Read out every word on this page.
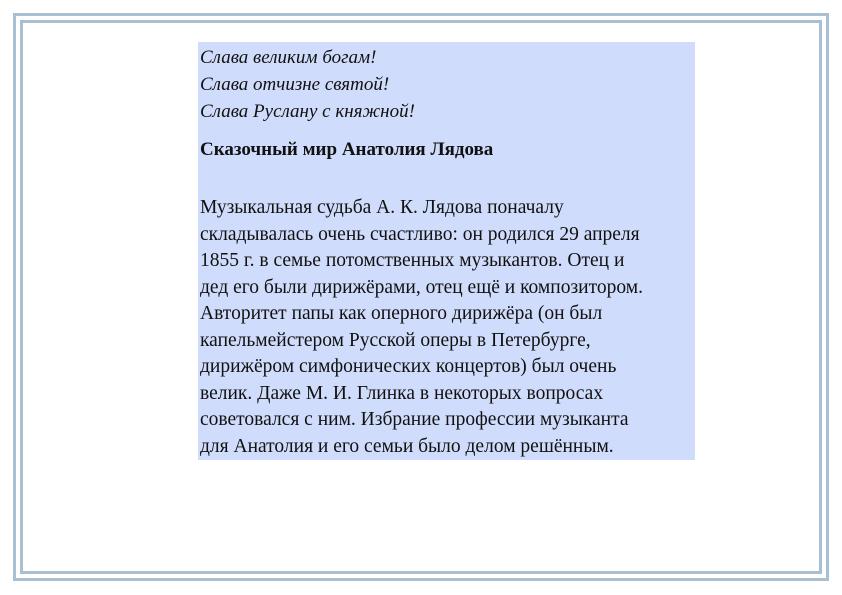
Слава великим богам!
Слава отчизне святой!
Слава Руслану с княжной!
Сказочный мир Анатолия Лядова
Музыкальная судьба А. К. Лядова поначалу
складывалась очень счастливо: он родился 29 апреля
1855 г. в семье потомственных музыкантов. Отец и
дед его были дирижёрами, отец ещё и композитором.
Авторитет папы как оперного дирижёра (он был
капельмейстером Русской оперы в Петербурге,
дирижёром симфонических концертов) был очень
велик. Даже М. И. Глинка в некоторых вопросах
советовался с ним. Избрание профессии музыканта
для Анатолия и его семьи было делом решённым.
